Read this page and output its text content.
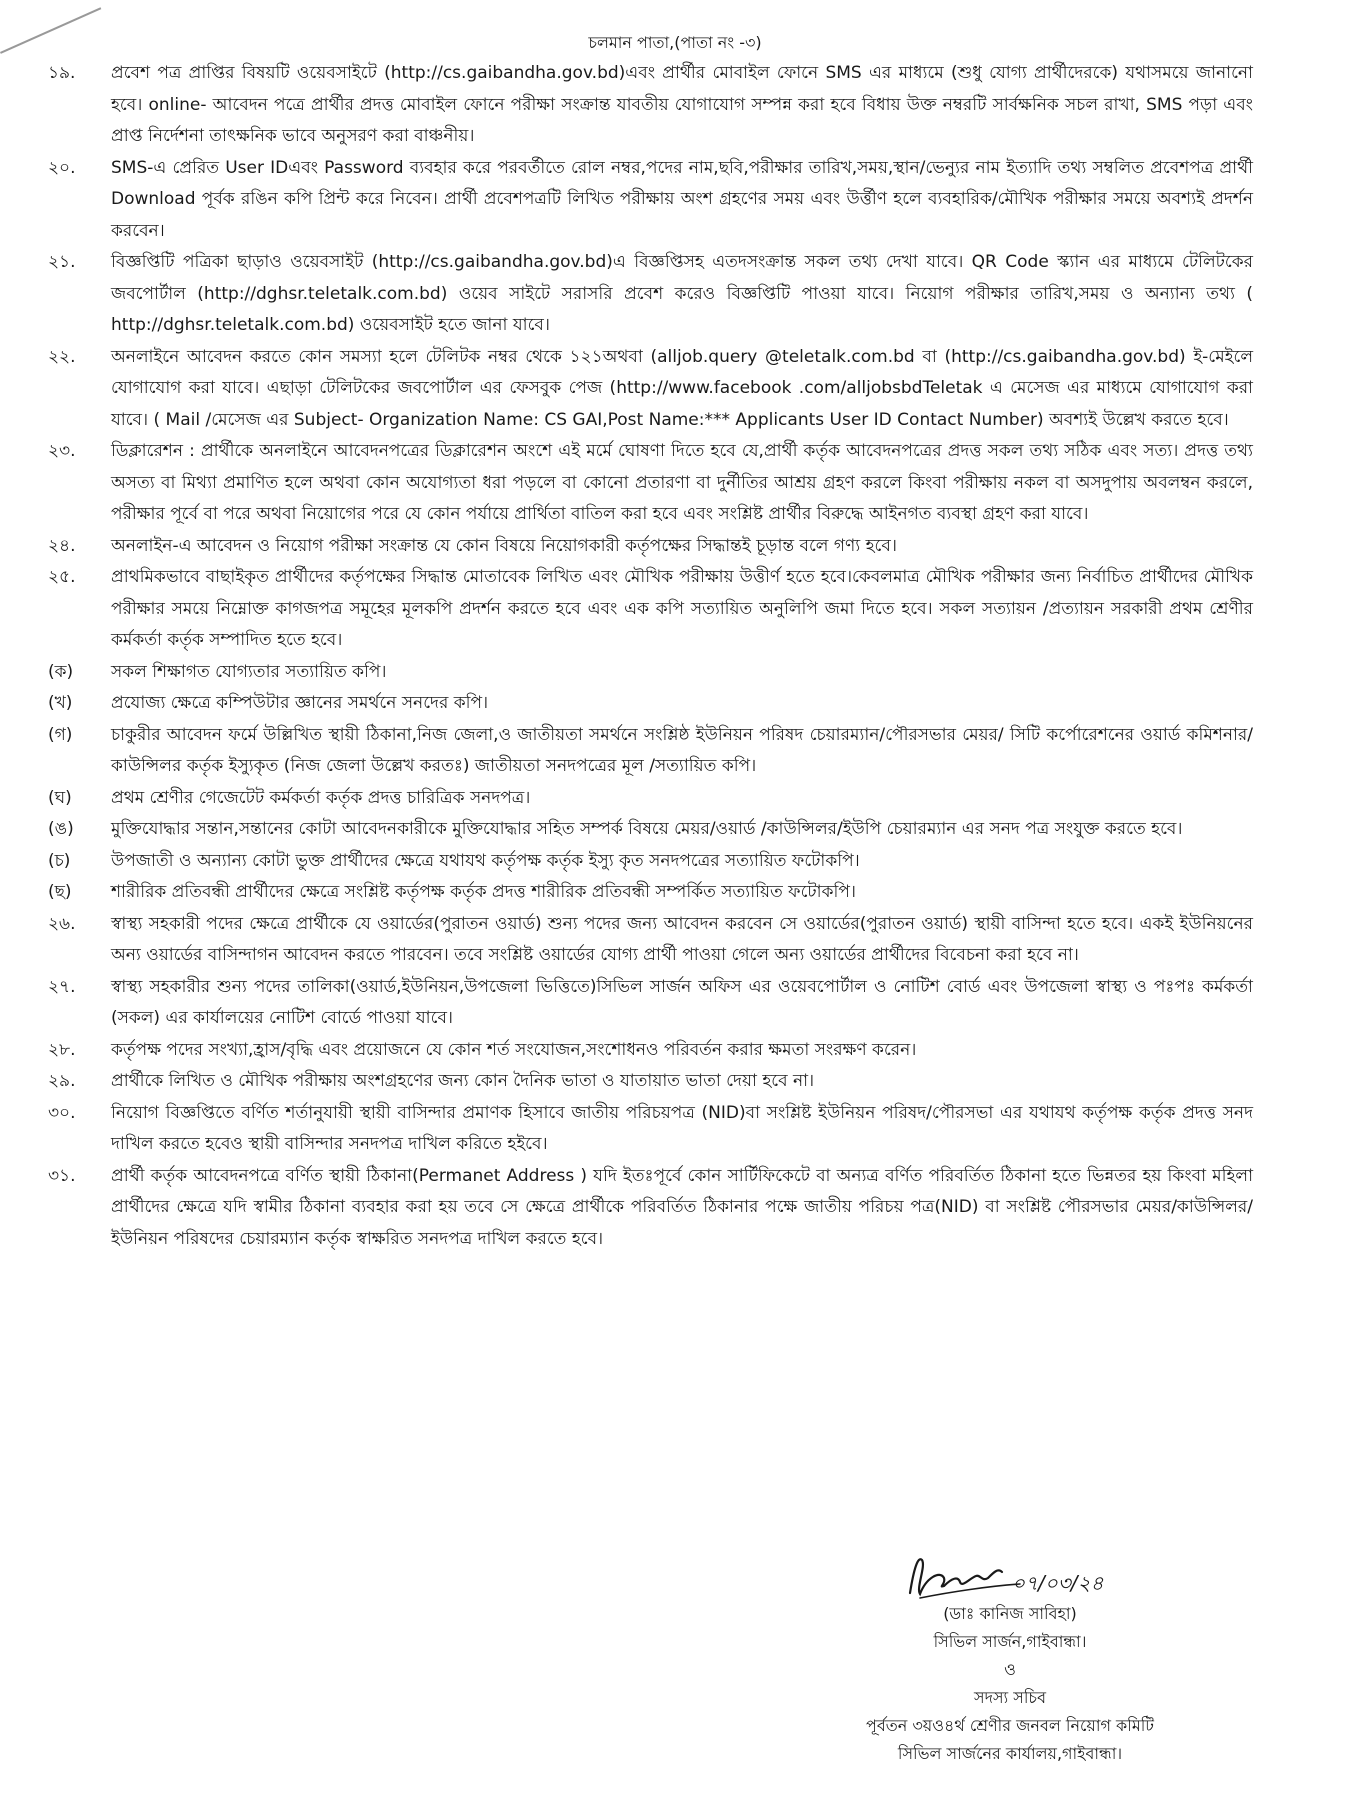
চলমান পাতা,(পাতা নং -৩)
১৯.	প্রবেশ পত্র প্রাপ্তির বিষয়টি ওয়েবসাইটে (http://cs.gaibandha.gov.bd)এবং প্রার্থীর মোবাইল ফোনে SMS এর মাধ্যমে (শুধু যোগ্য প্রার্থীদেরকে) যথাসময়ে জানানো হবে। online- আবেদন পত্রে প্রার্থীর প্রদত্ত মোবাইল ফোনে পরীক্ষা সংক্রান্ত যাবতীয় যোগাযোগ সম্পন্ন করা হবে বিধায় উক্ত নম্বরটি সার্বক্ষনিক সচল রাখা, SMS পড়া এবং প্রাপ্ত নির্দেশনা তাৎক্ষনিক ভাবে অনুসরণ করা বাঞ্চনীয়।
২০.	SMS-এ প্রেরিত User IDএবং Password ব্যবহার করে পরবর্তীতে রোল নম্বর,পদের নাম,ছবি,পরীক্ষার তারিখ,সময়,স্থান/ভেন্যুর নাম ইত্যাদি তথ্য সম্বলিত প্রবেশপত্র প্রার্থী Download পূর্বক রঙিন কপি প্রিন্ট করে নিবেন। প্রার্থী প্রবেশপত্রটি লিখিত পরীক্ষায় অংশ গ্রহণের সময় এবং উর্ত্তীণ হলে ব্যবহারিক/মৌখিক পরীক্ষার সময়ে অবশ্যই প্রদর্শন করবেন।
২১.	বিজ্ঞপ্তিটি পত্রিকা ছাড়াও ওয়েবসাইট (http://cs.gaibandha.gov.bd)এ বিজ্ঞপ্তিসহ এতদসংক্রান্ত সকল তথ্য দেখা যাবে। QR Code স্ক্যান এর মাধ্যমে টেলিটকের জবপোর্টাল (http://dghsr.teletalk.com.bd) ওয়েব সাইটে সরাসরি প্রবেশ করেও বিজ্ঞপ্তিটি পাওয়া যাবে। নিয়োগ পরীক্ষার তারিখ,সময় ও অন্যান্য তথ্য ( http://dghsr.teletalk.com.bd) ওয়েবসাইট হতে জানা যাবে।
২২.	অনলাইনে আবেদন করতে কোন সমস্যা হলে টেলিটক নম্বর থেকে ১২১অথবা (alljob.query @teletalk.com.bd বা (http://cs.gaibandha.gov.bd) ই-মেইলে যোগাযোগ করা যাবে। এছাড়া টেলিটকের জবপোর্টাল এর ফেসবুক পেজ (http://www.facebook .com/alljobsbdTeletak এ মেসেজ এর মাধ্যমে যোগাযোগ করা যাবে। ( Mail /মেসেজ এর Subject- Organization Name: CS GAI,Post Name:*** Applicants User ID Contact Number) অবশ্যই উল্লেখ করতে হবে।
২৩.	ডিক্লারেশন : প্রার্থীকে অনলাইনে আবেদনপত্রের ডিক্লারেশন অংশে এই মর্মে ঘোষণা দিতে হবে যে,প্রার্থী কর্তৃক আবেদনপত্রের প্রদত্ত সকল তথ্য সঠিক এবং সত্য। প্রদত্ত তথ্য অসত্য বা মিথ্যা প্রমাণিত হলে অথবা কোন অযোগ্যতা ধরা পড়লে বা কোনো প্রতারণা বা দুর্নীতির আশ্রয় গ্রহণ করলে কিংবা পরীক্ষায় নকল বা অসদুপায় অবলম্বন করলে, পরীক্ষার পূর্বে বা পরে অথবা নিয়োগের পরে যে কোন পর্যায়ে প্রার্থিতা বাতিল করা হবে এবং সংশ্লিষ্ট প্রার্থীর বিরুদ্ধে আইনগত ব্যবস্থা গ্রহণ করা যাবে।
২৪.	অনলাইন-এ আবেদন ও নিয়োগ পরীক্ষা সংক্রান্ত যে কোন বিষয়ে নিয়োগকারী কর্তৃপক্ষের সিদ্ধান্তই চূড়ান্ত বলে গণ্য হবে।
২৫.	প্রাথমিকভাবে বাছাইকৃত প্রার্থীদের কর্তৃপক্ষের সিদ্ধান্ত মোতাবেক লিখিত এবং মৌখিক পরীক্ষায় উত্তীর্ণ হতে হবে।কেবলমাত্র মৌখিক পরীক্ষার জন্য নির্বাচিত প্রার্থীদের মৌখিক পরীক্ষার সময়ে নিম্নোক্ত কাগজপত্র সমূহের মূলকপি প্রদর্শন করতে হবে এবং এক কপি সত্যায়িত অনুলিপি জমা দিতে হবে। সকল সত্যায়ন /প্রত্যায়ন সরকারী প্রথম শ্রেণীর কর্মকর্তা কর্তৃক সম্পাদিত হতে হবে।
(ক)	সকল শিক্ষাগত যোগ্যতার সত্যায়িত কপি।
(খ)	প্রযোজ্য ক্ষেত্রে কম্পিউটার জ্ঞানের সমর্থনে সনদের কপি।
(গ)	চাকুরীর আবেদন ফর্মে উল্লিখিত স্থায়ী ঠিকানা,নিজ জেলা,ও জাতীয়তা সমর্থনে সংশ্লিষ্ঠ ইউনিয়ন পরিষদ চেয়ারম্যান/পৌরসভার মেয়র/ সিটি কর্পোরেশনের ওয়ার্ড কমিশনার/কাউন্সিলর কর্তৃক ইস্যুকৃত (নিজ জেলা উল্লেখ করতঃ) জাতীয়তা সনদপত্রের মূল /সত্যায়িত কপি।
(ঘ)	প্রথম শ্রেণীর গেজেটেট কর্মকর্তা কর্তৃক প্রদত্ত চারিত্রিক সনদপত্র।
(ঙ)	মুক্তিযোদ্ধার সন্তান,সন্তানের কোটা আবেদনকারীকে মুক্তিযোদ্ধার সহিত সম্পর্ক বিষয়ে মেয়র/ওয়ার্ড /কাউন্সিলর/ইউপি চেয়ারম্যান এর সনদ পত্র সংযুক্ত করতে হবে।
(চ)	উপজাতী ও অন্যান্য কোটা ভুক্ত প্রার্থীদের ক্ষেত্রে যথাযথ কর্তৃপক্ষ কর্তৃক ইস্যু কৃত সনদপত্রের সত্যায়িত ফটোকপি।
(ছ)	শারীরিক প্রতিবন্ধী প্রার্থীদের ক্ষেত্রে সংশ্লিষ্ট কর্তৃপক্ষ কর্তৃক প্রদত্ত শারীরিক প্রতিবন্ধী সম্পর্কিত সত্যায়িত ফটোকপি।
২৬.	স্বাস্থ্য সহকারী পদের ক্ষেত্রে প্রার্থীকে যে ওয়ার্ডের(পুরাতন ওয়ার্ড) শুন্য পদের জন্য আবেদন করবেন সে ওয়ার্ডের(পুরাতন ওয়ার্ড) স্থায়ী বাসিন্দা হতে হবে। একই ইউনিয়নের অন্য ওয়ার্ডের বাসিন্দাগন আবেদন করতে পারবেন। তবে সংশ্লিষ্ট ওয়ার্ডের যোগ্য প্রার্থী পাওয়া গেলে অন্য ওয়ার্ডের প্রার্থীদের বিবেচনা করা হবে না।
২৭.	স্বাস্থ্য সহকারীর শুন্য পদের তালিকা(ওয়ার্ড,ইউনিয়ন,উপজেলা ভিত্তিতে)সিভিল সার্জন অফিস এর ওয়েবপোর্টাল ও নোটিশ বোর্ড এবং উপজেলা স্বাস্থ্য ও পঃপঃ কর্মকর্তা (সকল) এর কার্যালয়ের নোটিশ বোর্ডে পাওয়া যাবে।
২৮.	কর্তৃপক্ষ পদের সংখ্যা,হ্রাস/বৃদ্ধি এবং প্রয়োজনে যে কোন শর্ত সংযোজন,সংশোধনও পরিবর্তন করার ক্ষমতা সংরক্ষণ করেন।
২৯.	প্রার্থীকে লিখিত ও মৌখিক পরীক্ষায় অংশগ্রহণের জন্য কোন দৈনিক ভাতা ও যাতায়াত ভাতা দেয়া হবে না।
৩০.	নিয়োগ বিজ্ঞপ্তিতে বর্ণিত শর্তানুযায়ী স্থায়ী বাসিন্দার প্রমাণক হিসাবে জাতীয় পরিচয়পত্র (NID)বা সংশ্লিষ্ট ইউনিয়ন পরিষদ/পৌরসভা এর যথাযথ কর্তৃপক্ষ কর্তৃক প্রদত্ত সনদ দাখিল করতে হবেও স্থায়ী বাসিন্দার সনদপত্র দাখিল করিতে হইবে।
৩১.	প্রার্থী কর্তৃক আবেদনপত্রে বর্ণিত স্থায়ী ঠিকানা(Permanet Address ) যদি ইতঃপূর্বে কোন সার্টিফিকেটে বা অন্যত্র বর্ণিত পরিবর্তিত ঠিকানা হতে ভিন্নতর হয় কিংবা মহিলা প্রার্থীদের ক্ষেত্রে যদি স্বামীর ঠিকানা ব্যবহার করা হয় তবে সে ক্ষেত্রে প্রার্থীকে পরিবর্তিত ঠিকানার পক্ষে জাতীয় পরিচয় পত্র(NID) বা সংশ্লিষ্ট পৌরসভার মেয়র/কাউন্সিলর/ইউনিয়ন পরিষদের চেয়ারম্যান কর্তৃক স্বাক্ষরিত সনদপত্র দাখিল করতে হবে।
০৭/০৩/২৪
(ডাঃ কানিজ সাবিহা)
সিভিল সার্জন,গাইবান্ধা।
ও
সদস্য সচিব
পূর্বতন ৩য়ও৪র্থ শ্রেণীর জনবল নিয়োগ কমিটি
সিভিল সার্জনের কার্যালয়,গাইবান্ধা।
